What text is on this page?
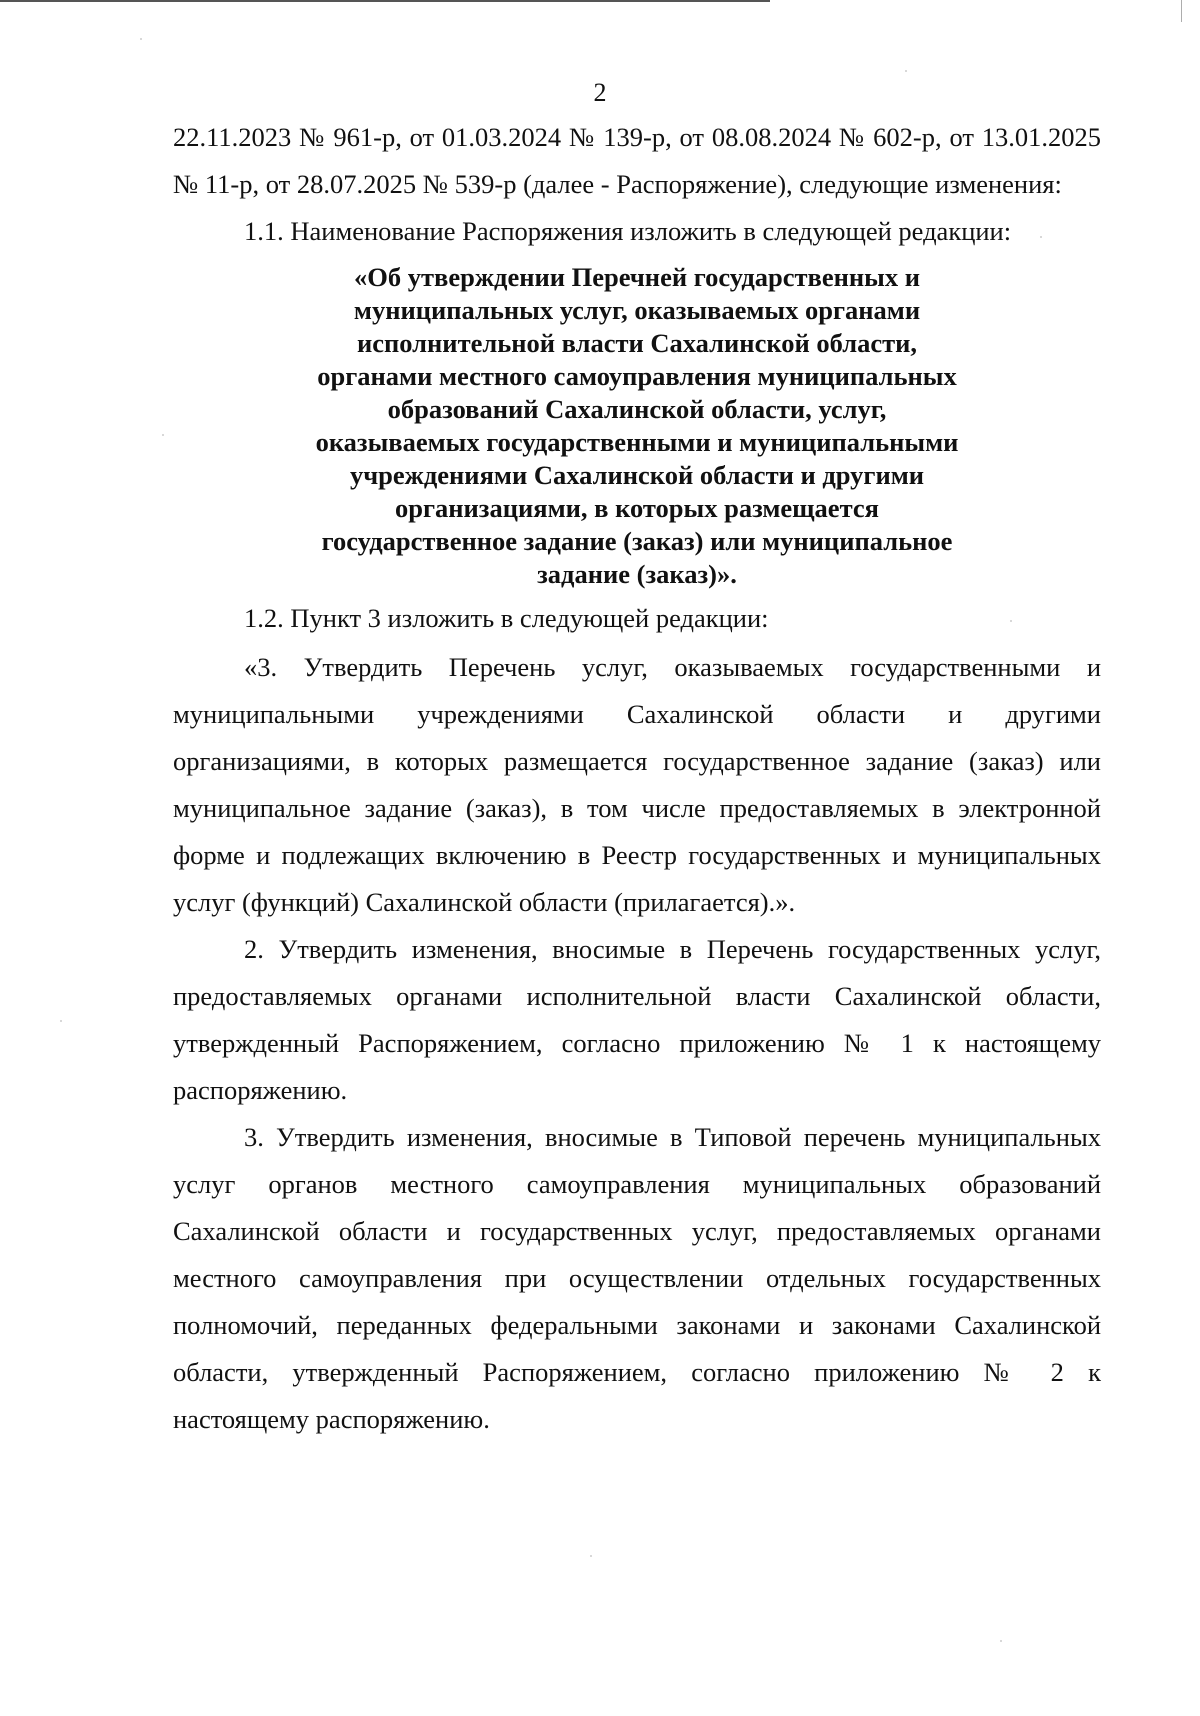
2

22.11.2023 № 961-р, от 01.03.2024 № 139-р, от 08.08.2024 № 602-р, от 13.01.2025 № 11-р, от 28.07.2025 № 539-р (далее - Распоряжение), следующие изменения:

1.1. Наименование Распоряжения изложить в следующей редакции:

«Об утверждении Перечней государственных и муниципальных услуг, оказываемых органами исполнительной власти Сахалинской области, органами местного самоуправления муниципальных образований Сахалинской области, услуг, оказываемых государственными и муниципальными учреждениями Сахалинской области и другими организациями, в которых размещается государственное задание (заказ) или муниципальное задание (заказ)».

1.2. Пункт 3 изложить в следующей редакции:

«3. Утвердить Перечень услуг, оказываемых государственными и муниципальными учреждениями Сахалинской области и другими организациями, в которых размещается государственное задание (заказ) или муниципальное задание (заказ), в том числе предоставляемых в электронной форме и подлежащих включению в Реестр государственных и муниципальных услуг (функций) Сахалинской области (прилагается).».

2. Утвердить изменения, вносимые в Перечень государственных услуг, предоставляемых органами исполнительной власти Сахалинской области, утвержденный Распоряжением, согласно приложению № 1 к настоящему распоряжению.

3. Утвердить изменения, вносимые в Типовой перечень муниципальных услуг органов местного самоуправления муниципальных образований Сахалинской области и государственных услуг, предоставляемых органами местного самоуправления при осуществлении отдельных государственных полномочий, переданных федеральными законами и законами Сахалинской области, утвержденный Распоряжением, согласно приложению № 2 к настоящему распоряжению.
